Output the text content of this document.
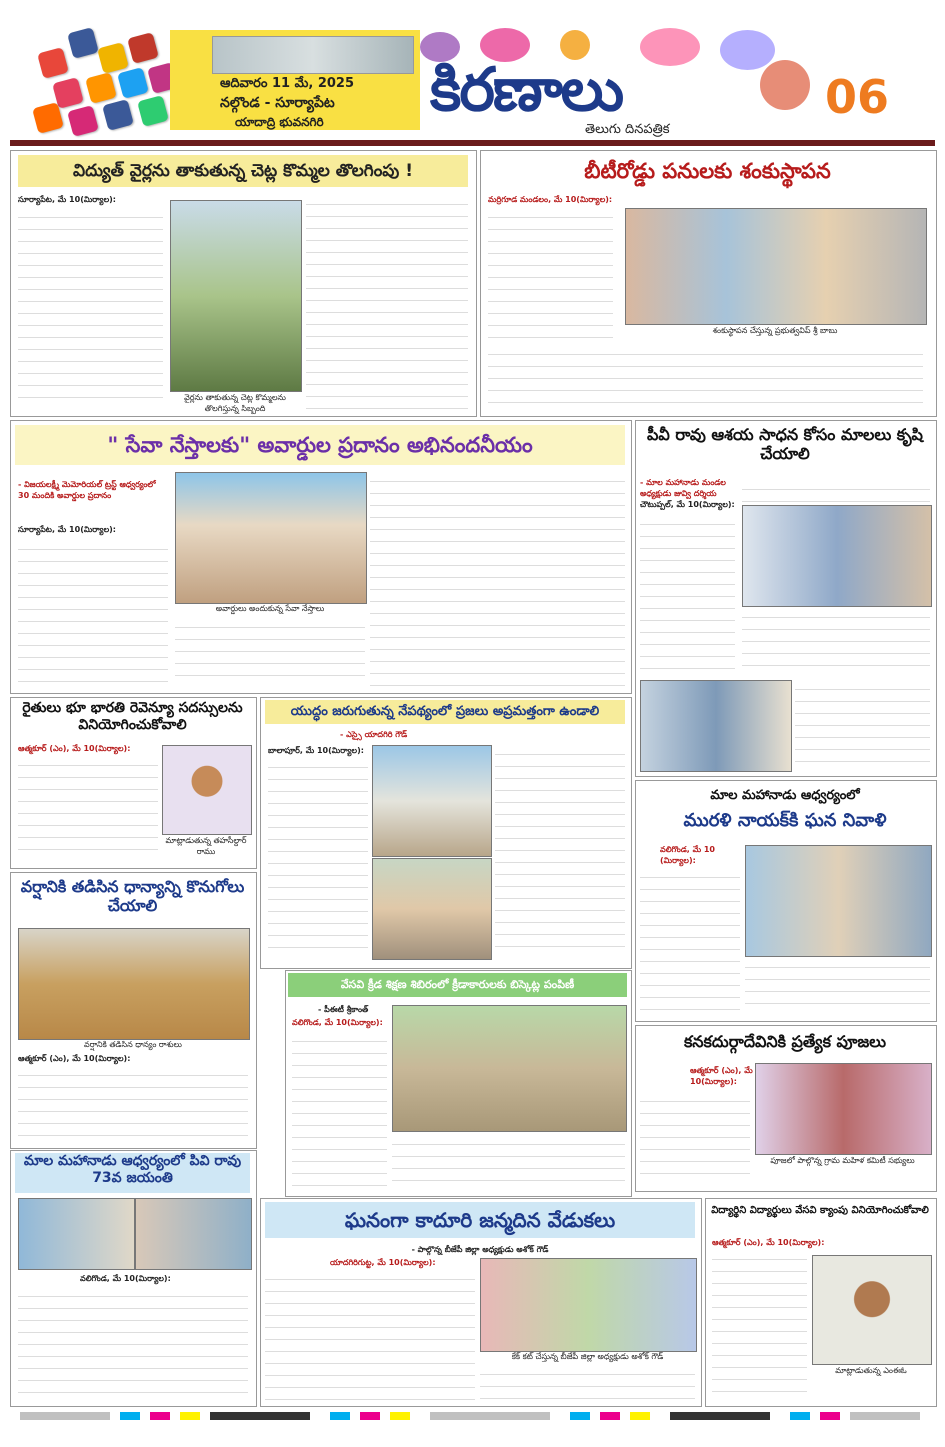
ఆదివారం 11 మే, 2025
నల్గొండ - సూర్యాపేట
యాదాద్రి భువనగిరి కిరణాలు
తెలుగు దినపత్రిక
06
విద్యుత్ వైర్లను తాకుతున్న చెట్ల కొమ్మల తొలగింపు !
సూర్యాపేట, మే 10(మిర్యాల):
వైర్లను తాకుతున్న చెట్ల కొమ్మలను తొలగిస్తున్న సిబ్బంది
బీటీరోడ్డు పనులకు శంకుస్థాపన
మర్రిగూడ మండలం, మే 10(మిర్యాల):
శంకుస్థాపన చేస్తున్న ప్రభుత్వవిప్ శ్రీ బాబు
" సేవా నేస్తాలకు" అవార్డుల ప్రదానం అభినందనీయం
- విజయలక్ష్మీ మెమోరియల్ ట్రస్ట్ ఆధ్వర్యంలో 30 మందికి అవార్డుల ప్రదానం
సూర్యాపేట, మే 10(మిర్యాల):
అవార్డులు అందుకున్న సేవా నేస్తాలు
పీవీ రావు ఆశయ సాధన కోసం మాలలు కృషి చేయాలి
- మాల మహానాడు మండల అధ్యక్షుడు జువ్వి దర్శియ
చౌటుప్పల్, మే 10(మిర్యాల):
రైతులు భూ భారతి రెవెన్యూ సదస్సులను వినియోగించుకోవాలి
ఆత్మకూర్ (ఎం), మే 10(మిర్యాల):
మాట్లాడుతున్న తహసీల్దార్ రాము
యుద్ధం జరుగుతున్న నేపథ్యంలో ప్రజలు అప్రమత్తంగా ఉండాలి
- ఎస్సై యాదగిరి గౌడ్
బాలాపూర్, మే 10(మిర్యాల):
మాల మహానాడు ఆధ్వర్యంలో
మురళి నాయక్‌కి ఘన నివాళి
వలిగొండ, మే 10 (మిర్యాల):
వర్షానికి తడిసిన ధాన్యాన్ని కొనుగోలు చేయాలి
వర్షానికి తడిసిన ధాన్యం రాశులు
ఆత్మకూర్ (ఎం), మే 10(మిర్యాల):
వేసవి క్రీడ శిక్షణ శిబిరంలో క్రీడాకారులకు బిస్కెట్ల పంపిణీ
- పీఈటీ శ్రీకాంత్
వలిగొండ, మే 10(మిర్యాల):
కనకదుర్గాదేవినికి ప్రత్యేక పూజలు
ఆత్మకూర్ (ఎం), మే 10(మిర్యాల):
పూజలో పాల్గొన్న గ్రామ మహిళ కమిటీ సభ్యులు
మాల మహానాడు ఆధ్వర్యంలో పివి రావు 73వ జయంతి
వలిగొండ, మే 10(మిర్యాల):
ఘనంగా కాదూరి జన్మదిన వేడుకలు
- పాల్గొన్న బీజేపీ జిల్లా అధ్యక్షుడు అశోక్ గౌడ్
యాదగిరిగుట్ట, మే 10(మిర్యాల):
కేక్ కట్ చేస్తున్న బీజేపీ జిల్లా అధ్యక్షుడు అశోక్ గౌడ్
విద్యార్థిని విద్యార్థులు వేసవి క్యాంపు వినియోగించుకోవాలి
ఆత్మకూర్ (ఎం), మే 10(మిర్యాల):
మాట్లాడుతున్న ఎంఈఓ
